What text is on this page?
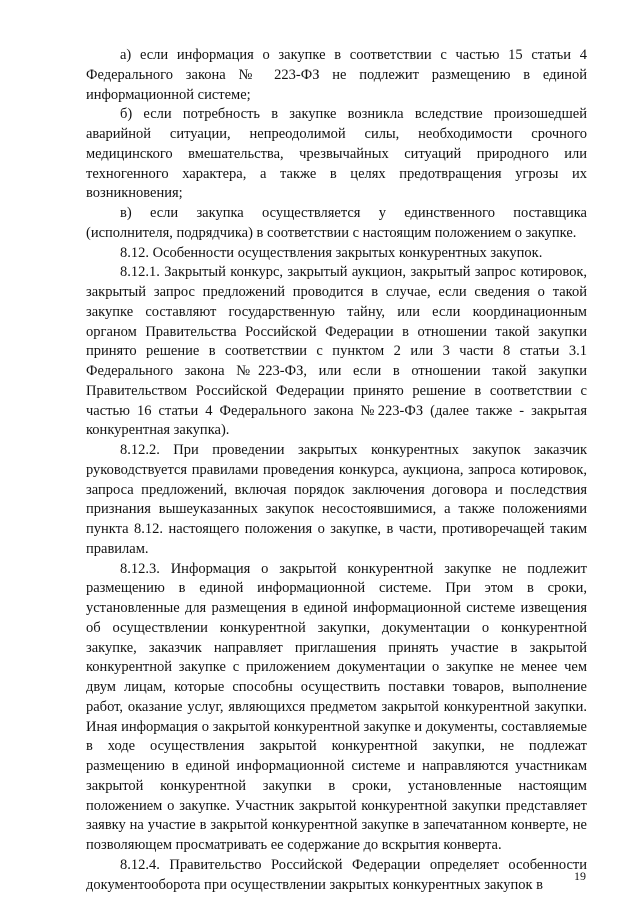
а) если информация о закупке в соответствии с частью 15 статьи 4 Федерального закона № 223-ФЗ не подлежит размещению в единой информационной системе;

б) если потребность в закупке возникла вследствие произошедшей аварийной ситуации, непреодолимой силы, необходимости срочного медицинского вмешательства, чрезвычайных ситуаций природного или техногенного характера, а также в целях предотвращения угрозы их возникновения;

в) если закупка осуществляется у единственного поставщика (исполнителя, подрядчика) в соответствии с настоящим положением о закупке.

8.12. Особенности осуществления закрытых конкурентных закупок.

8.12.1. Закрытый конкурс, закрытый аукцион, закрытый запрос котировок, закрытый запрос предложений проводится в случае, если сведения о такой закупке составляют государственную тайну, или если координационным органом Правительства Российской Федерации в отношении такой закупки принято решение в соответствии с пунктом 2 или 3 части 8 статьи 3.1 Федерального закона №223-ФЗ, или если в отношении такой закупки Правительством Российской Федерации принято решение в соответствии с частью 16 статьи 4 Федерального закона №223-ФЗ (далее также - закрытая конкурентная закупка).

8.12.2. При проведении закрытых конкурентных закупок заказчик руководствуется правилами проведения конкурса, аукциона, запроса котировок, запроса предложений, включая порядок заключения договора и последствия признания вышеуказанных закупок несостоявшимися, а также положениями пункта 8.12. настоящего положения о закупке, в части, противоречащей таким правилам.

8.12.3. Информация о закрытой конкурентной закупке не подлежит размещению в единой информационной системе. При этом в сроки, установленные для размещения в единой информационной системе извещения об осуществлении конкурентной закупки, документации о конкурентной закупке, заказчик направляет приглашения принять участие в закрытой конкурентной закупке с приложением документации о закупке не менее чем двум лицам, которые способны осуществить поставки товаров, выполнение работ, оказание услуг, являющихся предметом закрытой конкурентной закупки. Иная информация о закрытой конкурентной закупке и документы, составляемые в ходе осуществления закрытой конкурентной закупки, не подлежат размещению в единой информационной системе и направляются участникам закрытой конкурентной закупки в сроки, установленные настоящим положением о закупке. Участник закрытой конкурентной закупки представляет заявку на участие в закрытой конкурентной закупке в запечатанном конверте, не позволяющем просматривать ее содержание до вскрытия конверта.

8.12.4. Правительство Российской Федерации определяет особенности документооборота при осуществлении закрытых конкурентных закупок в

19
